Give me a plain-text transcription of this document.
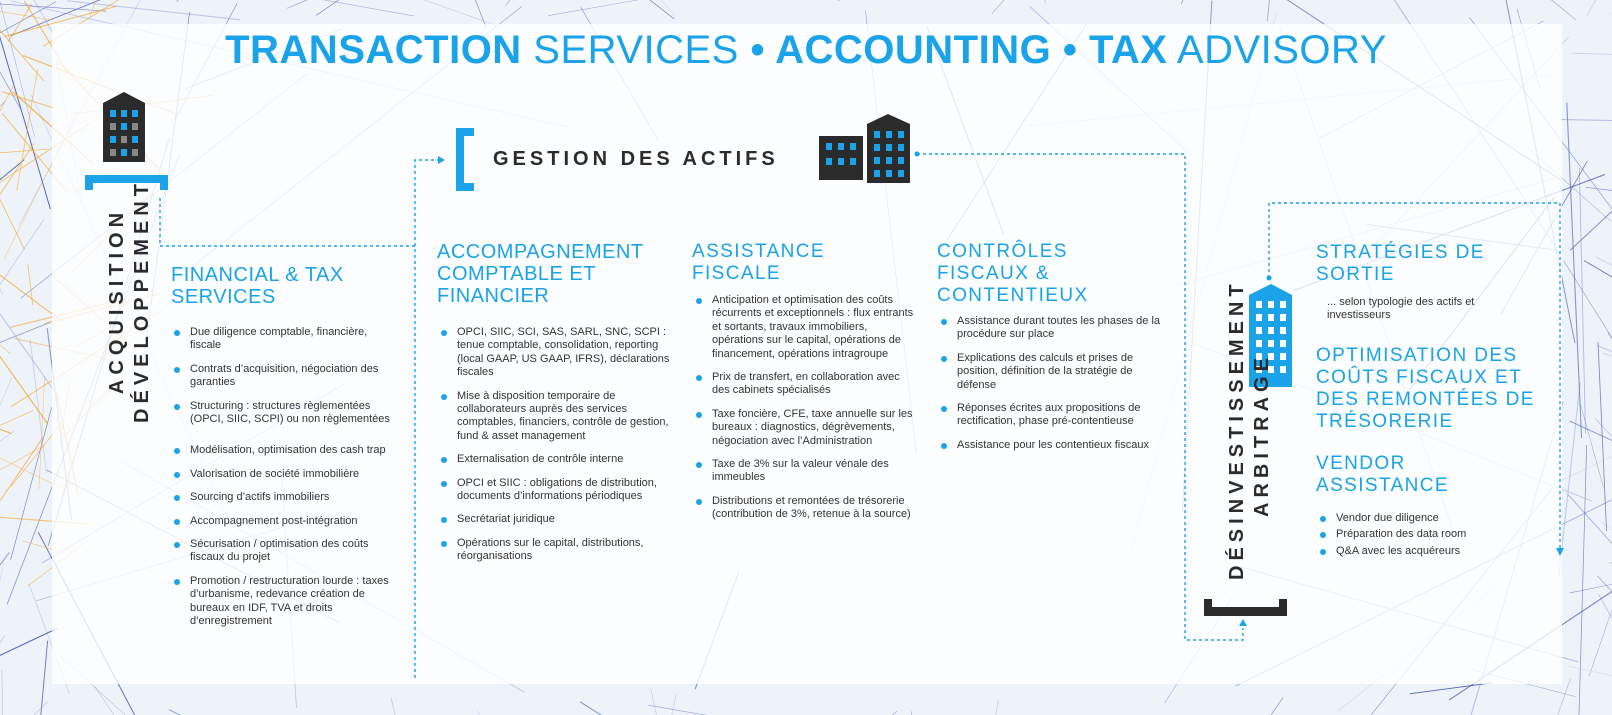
TRANSACTION SERVICES • ACCOUNTING • TAX ADVISORY
ACQUISITION DÉVELOPPEMENT	DÉSINVESTISSEMENT ARBITRAGE
GESTION DES ACTIFS
FINANCIAL & TAX
SERVICES
Due diligence comptable, financière, fiscale
Contrats d’acquisition, négociation des garanties
Structuring : structures règlementées (OPCI, SIIC, SCPI) ou non règlementées
Modélisation, optimisation des cash trap
Valorisation de société immobilière
Sourcing d’actifs immobiliers
Accompagnement post-intégration
Sécurisation / optimisation des coûts fiscaux du projet
Promotion / restructuration lourde : taxes d’urbanisme, redevance création de bureaux en IDF, TVA et droits d’enregistrement
ACCOMPAGNEMENT
COMPTABLE ET
FINANCIER
OPCI, SIIC, SCI, SAS, SARL, SNC, SCPI : tenue comptable, consolidation, reporting (local GAAP, US GAAP, IFRS), déclarations fiscales
Mise à disposition temporaire de collaborateurs auprès des services comptables, financiers, contrôle de gestion, fund & asset management
Externalisation de contrôle interne
OPCI et SIIC : obligations de distribution, documents d’informations périodiques
Secrétariat juridique
Opérations sur le capital, distributions, réorganisations
ASSISTANCE
FISCALE
Anticipation et optimisation des coûts récurrents et exceptionnels : flux entrants et sortants, travaux immobiliers, opérations sur le capital, opérations de financement, opérations intragroupe
Prix de transfert, en collaboration avec des cabinets spécialisés
Taxe foncière, CFE, taxe annuelle sur les bureaux : diagnostics, dégrèvements, négociation avec l’Administration
Taxe de 3% sur la valeur vénale des immeubles
Distributions et remontées de trésorerie (contribution de 3%, retenue à la source)
CONTRÔLES
FISCAUX &
CONTENTIEUX
Assistance durant toutes les phases de la procédure sur place
Explications des calculs et prises de position, définition de la stratégie de défense
Réponses écrites aux propositions de rectification, phase pré-contentieuse
Assistance pour les contentieux fiscaux
STRATÉGIES DE
SORTIE
... selon typologie des actifs et investisseurs
OPTIMISATION DES
COÛTS FISCAUX ET
DES REMONTÉES DE
TRÉSORERIE
VENDOR
ASSISTANCE
Vendor due diligence
Préparation des data room
Q&A avec les acquéreurs
